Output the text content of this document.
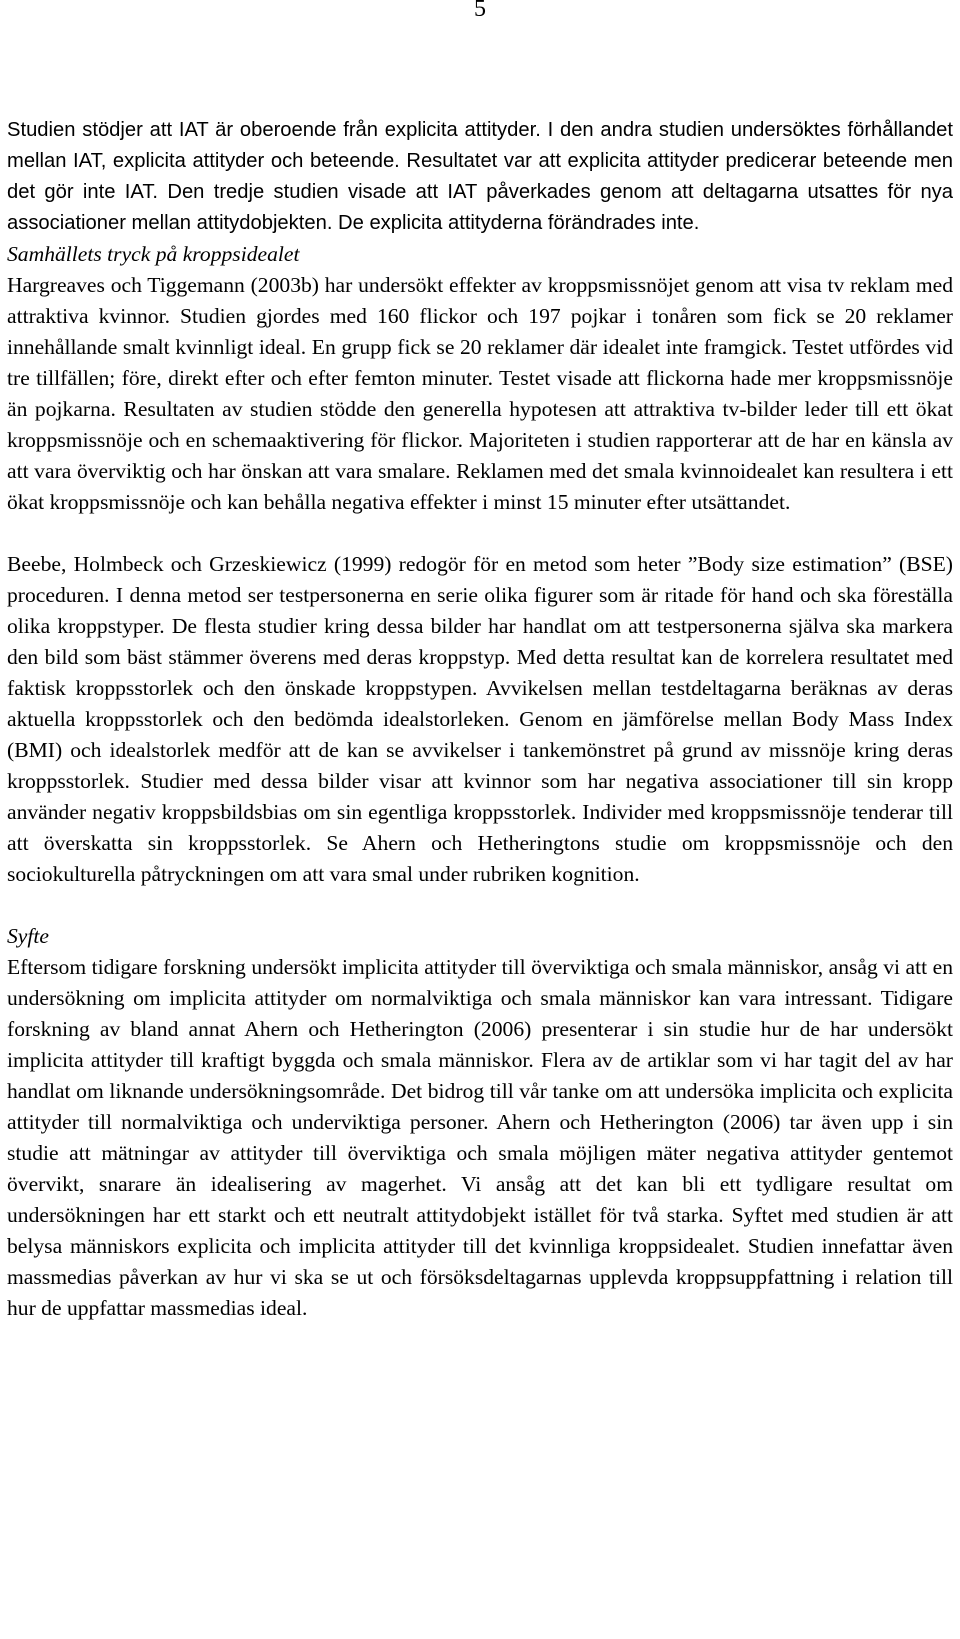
5

Studien stödjer att IAT är oberoende från explicita attityder. I den andra studien undersöktes förhållandet mellan IAT, explicita attityder och beteende. Resultatet var att explicita attityder predicerar beteende men det gör inte IAT. Den tredje studien visade att IAT påverkades genom att deltagarna utsattes för nya associationer mellan attitydobjekten. De explicita attityderna förändrades inte.

Samhällets tryck på kroppsidealet

Hargreaves och Tiggemann (2003b) har undersökt effekter av kroppsmissnöjet genom att visa tv reklam med attraktiva kvinnor. Studien gjordes med 160 flickor och 197 pojkar i tonåren som fick se 20 reklamer innehållande smalt kvinnligt ideal. En grupp fick se 20 reklamer där idealet inte framgick. Testet utfördes vid tre tillfällen; före, direkt efter och efter femton minuter. Testet visade att flickorna hade mer kroppsmissnöje än pojkarna. Resultaten av studien stödde den generella hypotesen att attraktiva tv-bilder leder till ett ökat kroppsmissnöje och en schemaaktivering för flickor. Majoriteten i studien rapporterar att de har en känsla av att vara överviktig och har önskan att vara smalare. Reklamen med det smala kvinnoidealet kan resultera i ett ökat kroppsmissnöje och kan behålla negativa effekter i minst 15 minuter efter utsättandet.

Beebe, Holmbeck och Grzeskiewicz (1999) redogör för en metod som heter ”Body size estimation” (BSE) proceduren. I denna metod ser testpersonerna en serie olika figurer som är ritade för hand och ska föreställa olika kroppstyper. De flesta studier kring dessa bilder har handlat om att testpersonerna själva ska markera den bild som bäst stämmer överens med deras kroppstyp. Med detta resultat kan de korrelera resultatet med faktisk kroppsstorlek och den önskade kroppstypen. Avvikelsen mellan testdeltagarna beräknas av deras aktuella kroppsstorlek och den bedömda idealstorleken. Genom en jämförelse mellan Body Mass Index (BMI) och idealstorlek medför att de kan se avvikelser i tankemönstret på grund av missnöje kring deras kroppsstorlek. Studier med dessa bilder visar att kvinnor som har negativa associationer till sin kropp använder negativ kroppsbildsbias om sin egentliga kroppsstorlek. Individer med kroppsmissnöje tenderar till att överskatta sin kroppsstorlek. Se Ahern och Hetheringtons studie om kroppsmissnöje och den sociokulturella påtryckningen om att vara smal under rubriken kognition.

Syfte

Eftersom tidigare forskning undersökt implicita attityder till överviktiga och smala människor, ansåg vi att en undersökning om implicita attityder om normalviktiga och smala människor kan vara intressant. Tidigare forskning av bland annat Ahern och Hetherington (2006) presenterar i sin studie hur de har undersökt implicita attityder till kraftigt byggda och smala människor. Flera av de artiklar som vi har tagit del av har handlat om liknande undersökningsområde. Det bidrog till vår tanke om att undersöka implicita och explicita attityder till normalviktiga och underviktiga personer. Ahern och Hetherington (2006) tar även upp i sin studie att mätningar av attityder till överviktiga och smala möjligen mäter negativa attityder gentemot övervikt, snarare än idealisering av magerhet. Vi ansåg att det kan bli ett tydligare resultat om undersökningen har ett starkt och ett neutralt attitydobjekt istället för två starka. Syftet med studien är att belysa människors explicita och implicita attityder till det kvinnliga kroppsidealet. Studien innefattar även massmedias påverkan av hur vi ska se ut och försöksdeltagarnas upplevda kroppsuppfattning i relation till hur de uppfattar massmedias ideal.
